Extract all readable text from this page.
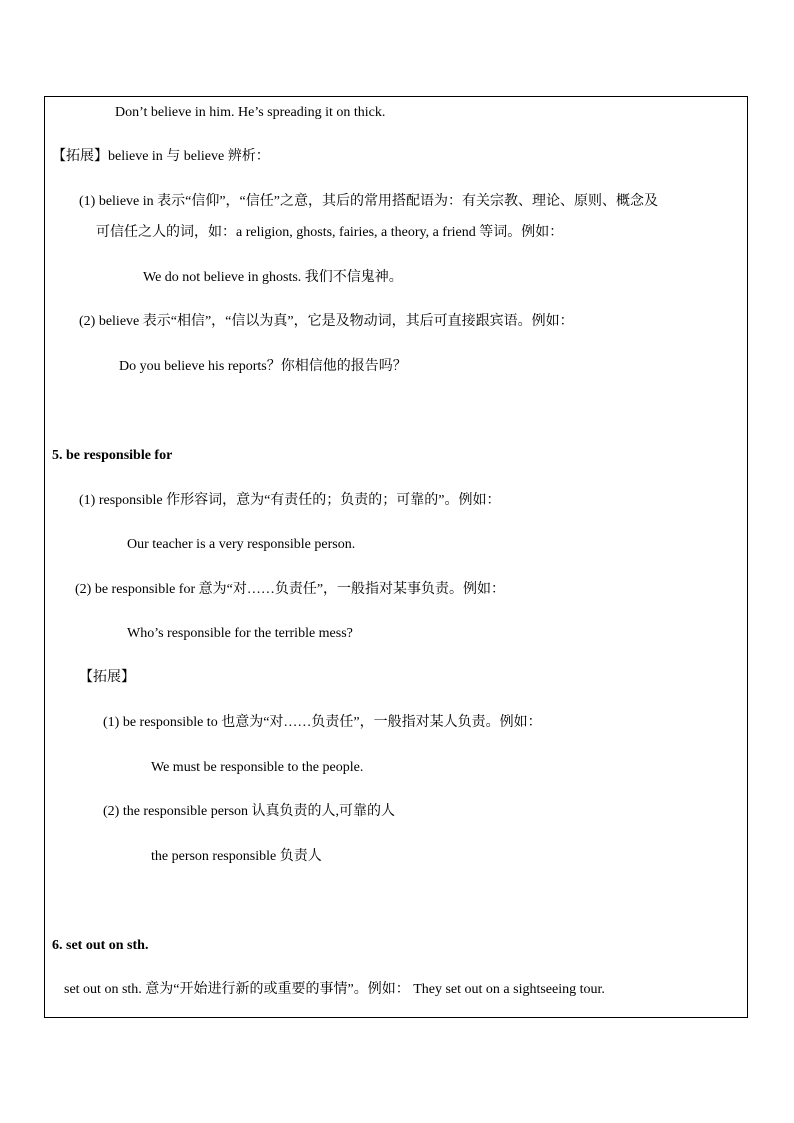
Don’t believe in him. He’s spreading it on thick.
【拓展】believe in 与 believe 辨析：
(1) believe in 表示“信仰”，“信任”之意，其后的常用搭配语为：有关宗教、理论、原则、概念及
可信任之人的词，如：a religion, ghosts, fairies, a theory, a friend 等词。例如：
We do not believe in ghosts. 我们不信鬼神。
(2) believe 表示“相信”，“信以为真”，它是及物动词，其后可直接跟宾语。例如：
Do you believe his reports？你相信他的报告吗？
5. be responsible for
(1) responsible 作形容词，意为“有责任的；负责的；可靠的”。例如：
Our teacher is a very responsible person.
(2) be responsible for 意为“对……负责任”，一般指对某事负责。例如：
Who’s responsible for the terrible mess?
【拓展】
(1) be responsible to 也意为“对……负责任”，一般指对某人负责。例如：
We must be responsible to the people.
(2) the responsible person 认真负责的人,可靠的人
the person responsible 负责人
6. set out on sth.
set out on sth. 意为“开始进行新的或重要的事情”。例如： They set out on a sightseeing tour.
